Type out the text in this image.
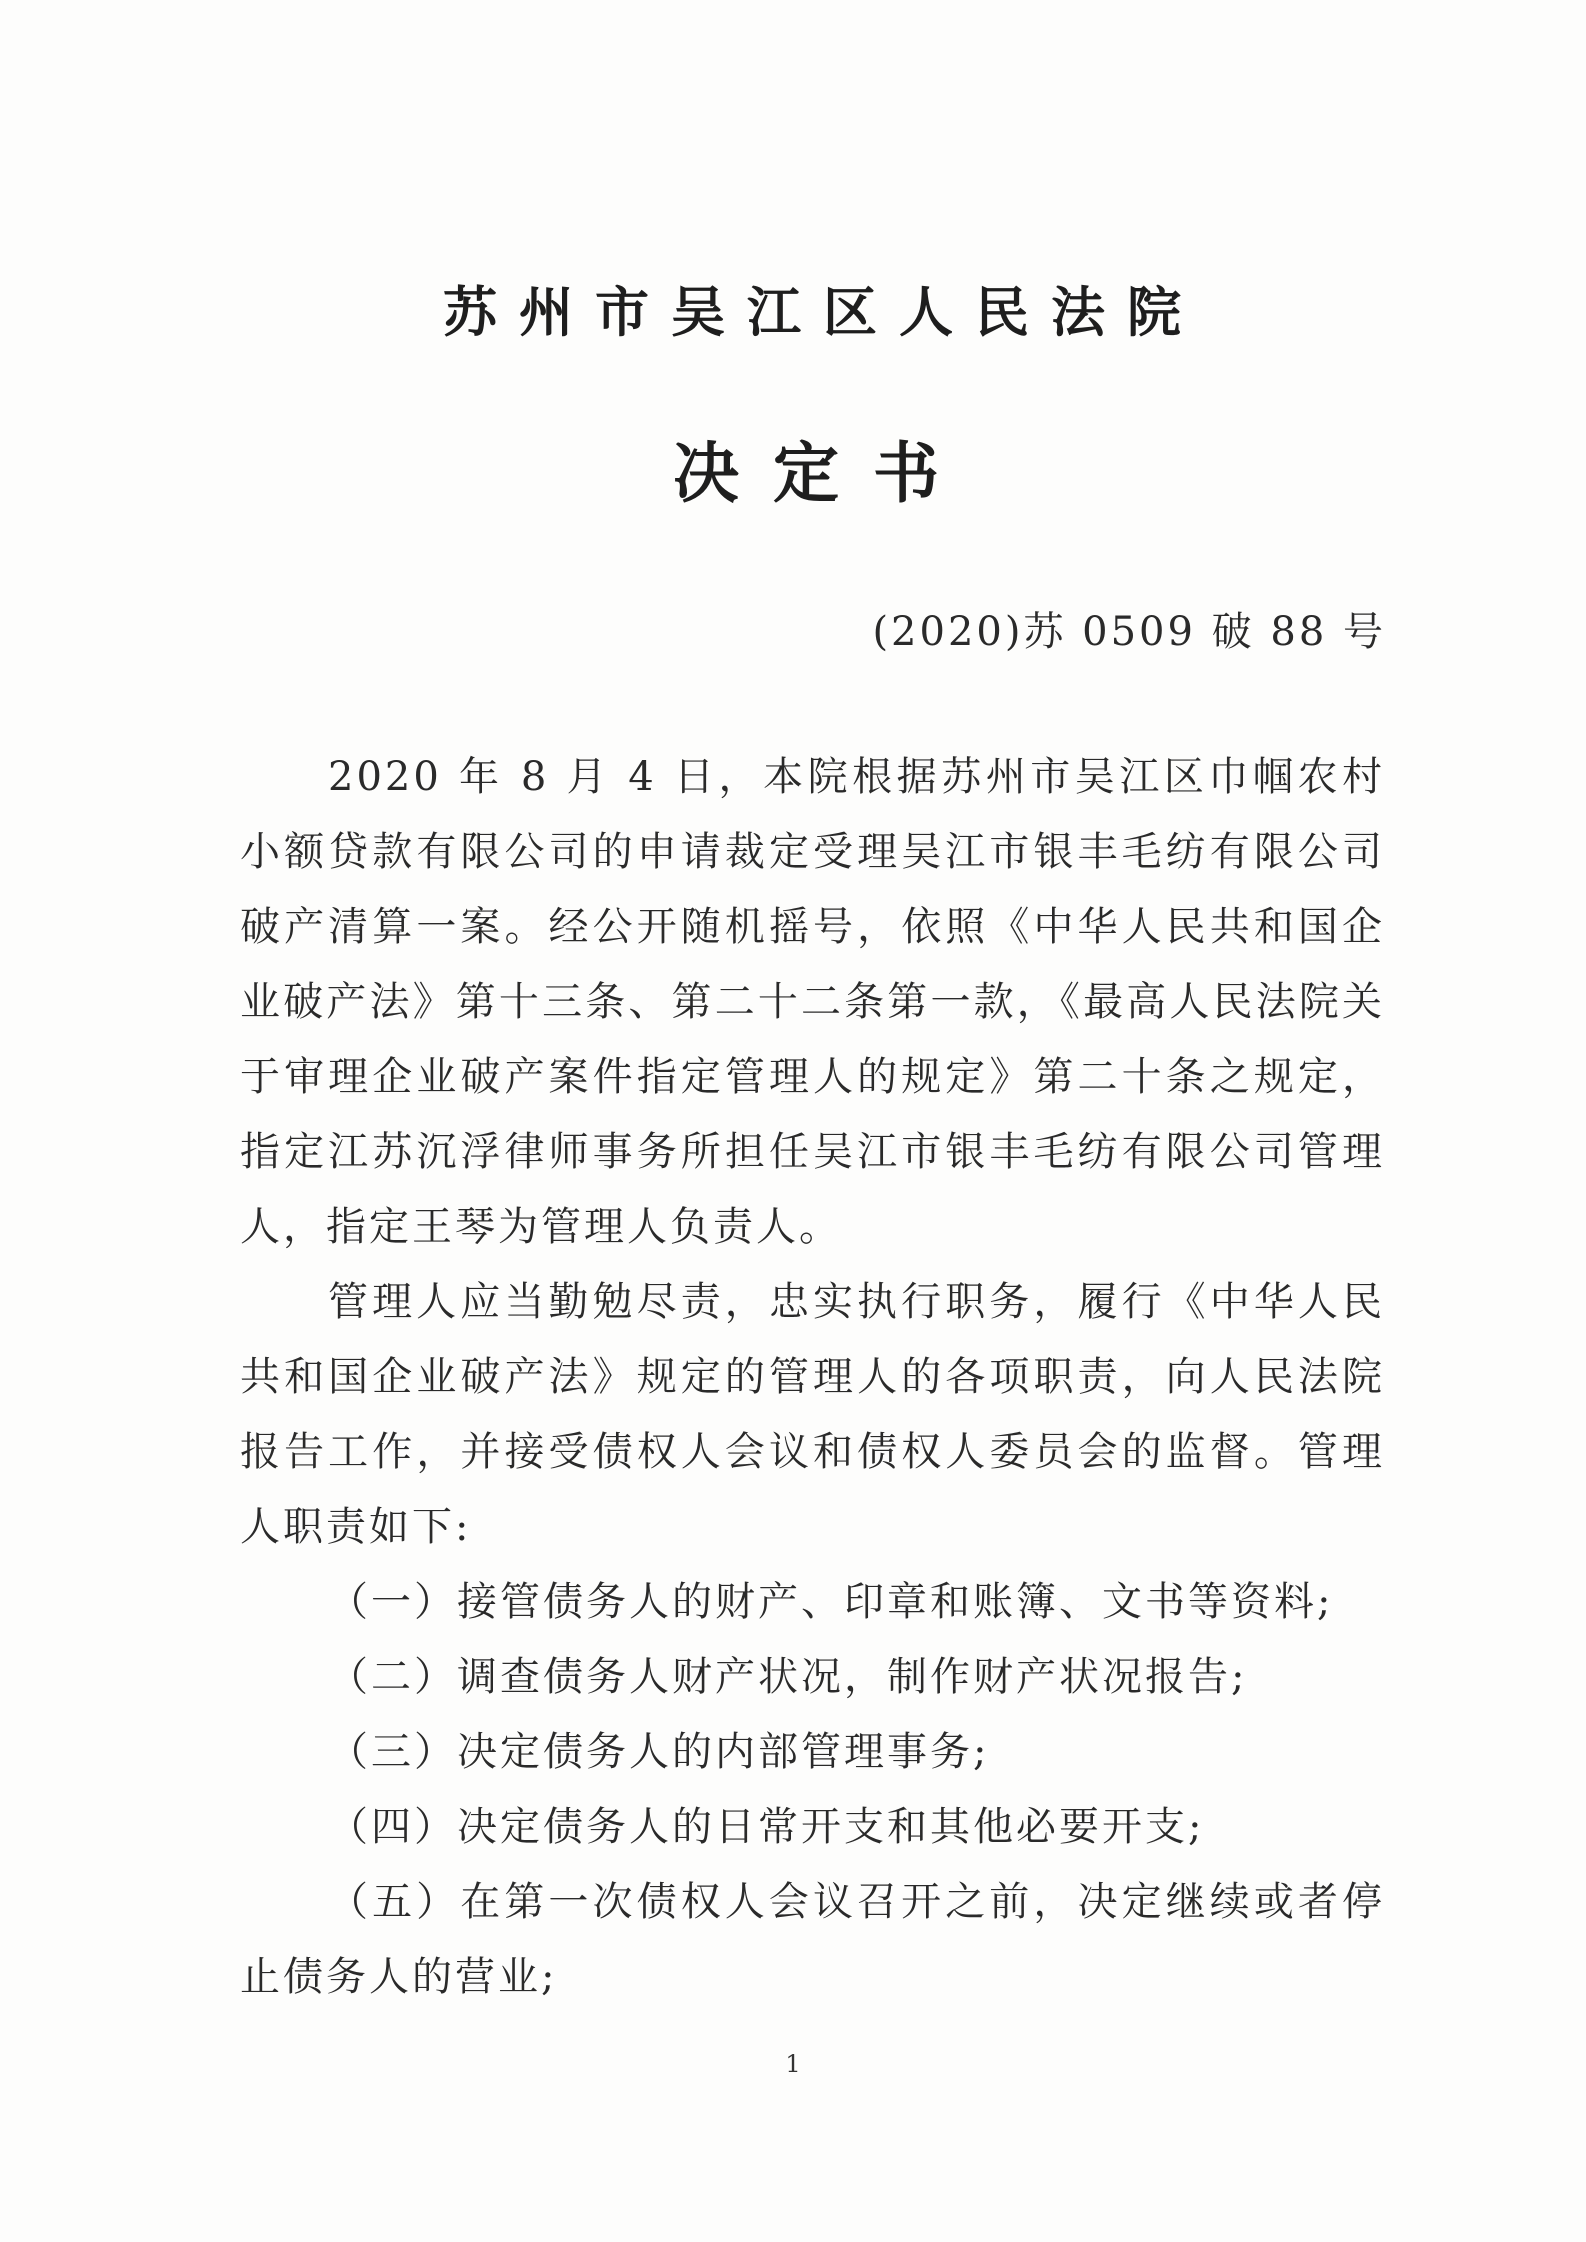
苏州市吴江区人民法院
决定书
(2020)苏 0509 破 88 号

2020 年 8 月 4 日，本院根据苏州市吴江区巾帼农村小额贷款有限公司的申请裁定受理吴江市银丰毛纺有限公司破产清算一案。经公开随机摇号，依照《中华人民共和国企业破产法》第十三条、第二十二条第一款，《最高人民法院关于审理企业破产案件指定管理人的规定》第二十条之规定，指定江苏沉浮律师事务所担任吴江市银丰毛纺有限公司管理人，指定王琴为管理人负责人。

管理人应当勤勉尽责，忠实执行职务，履行《中华人民共和国企业破产法》规定的管理人的各项职责，向人民法院报告工作，并接受债权人会议和债权人委员会的监督。管理人职责如下:

（一）接管债务人的财产、印章和账簿、文书等资料;

（二）调查债务人财产状况，制作财产状况报告;

（三）决定债务人的内部管理事务;

（四）决定债务人的日常开支和其他必要开支;

（五）在第一次债权人会议召开之前，决定继续或者停止债务人的营业;

1
